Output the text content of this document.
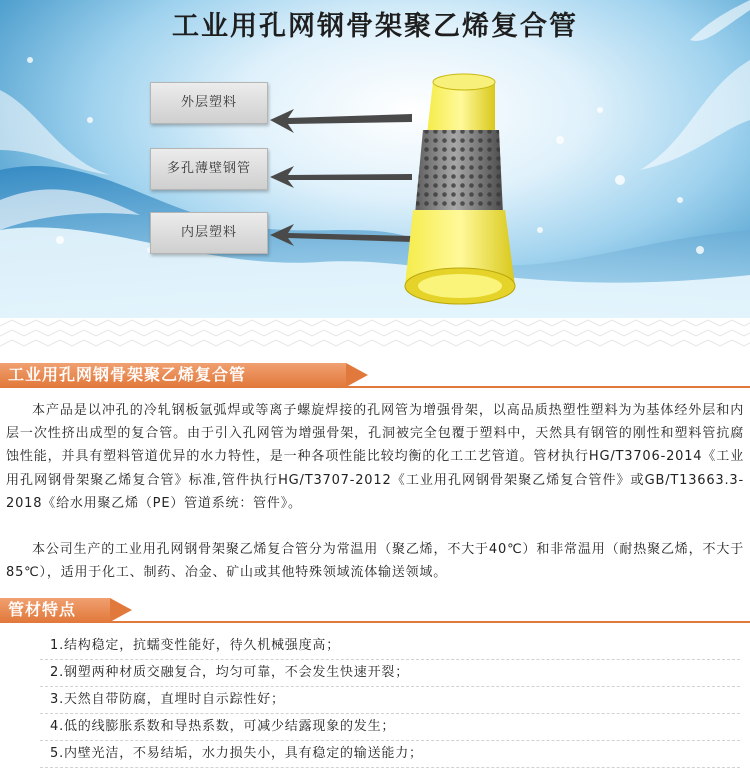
工业用孔网钢骨架聚乙烯复合管
外层塑料
多孔薄壁钢管
内层塑料
工业用孔网钢骨架聚乙烯复合管

本产品是以冲孔的冷轧钢板氩弧焊或等离子螺旋焊接的孔网管为增强骨架，以高品质热塑性塑料为为基体经外层和内层一次性挤出成型的复合管。由于引入孔网管为增强骨架，孔洞被完全包覆于塑料中，天然具有钢管的刚性和塑料管抗腐蚀性能，并具有塑料管道优异的水力特性，是一种各项性能比较均衡的化工工艺管道。管材执行HG/T3706-2014《工业用孔网钢骨架聚乙烯复合管》标准,管件执行HG/T3707-2012《工业用孔网钢骨架聚乙烯复合管件》或GB/T13663.3-2018《给水用聚乙烯（PE）管道系统：管件》。

本公司生产的工业用孔网钢骨架聚乙烯复合管分为常温用（聚乙烯，不大于40℃）和非常温用（耐热聚乙烯，不大于85℃），适用于化工、制药、冶金、矿山或其他特殊领域流体输送领域。

管材特点
1.结构稳定，抗蠕变性能好，待久机械强度高；
2.钢塑两种材质交融复合，均匀可靠，不会发生快速开裂；
3.天然自带防腐，直埋时自示踪性好；
4.低的线膨胀系数和导热系数，可减少结露现象的发生；
5.内壁光洁，不易结垢，水力损失小，具有稳定的输送能力；
